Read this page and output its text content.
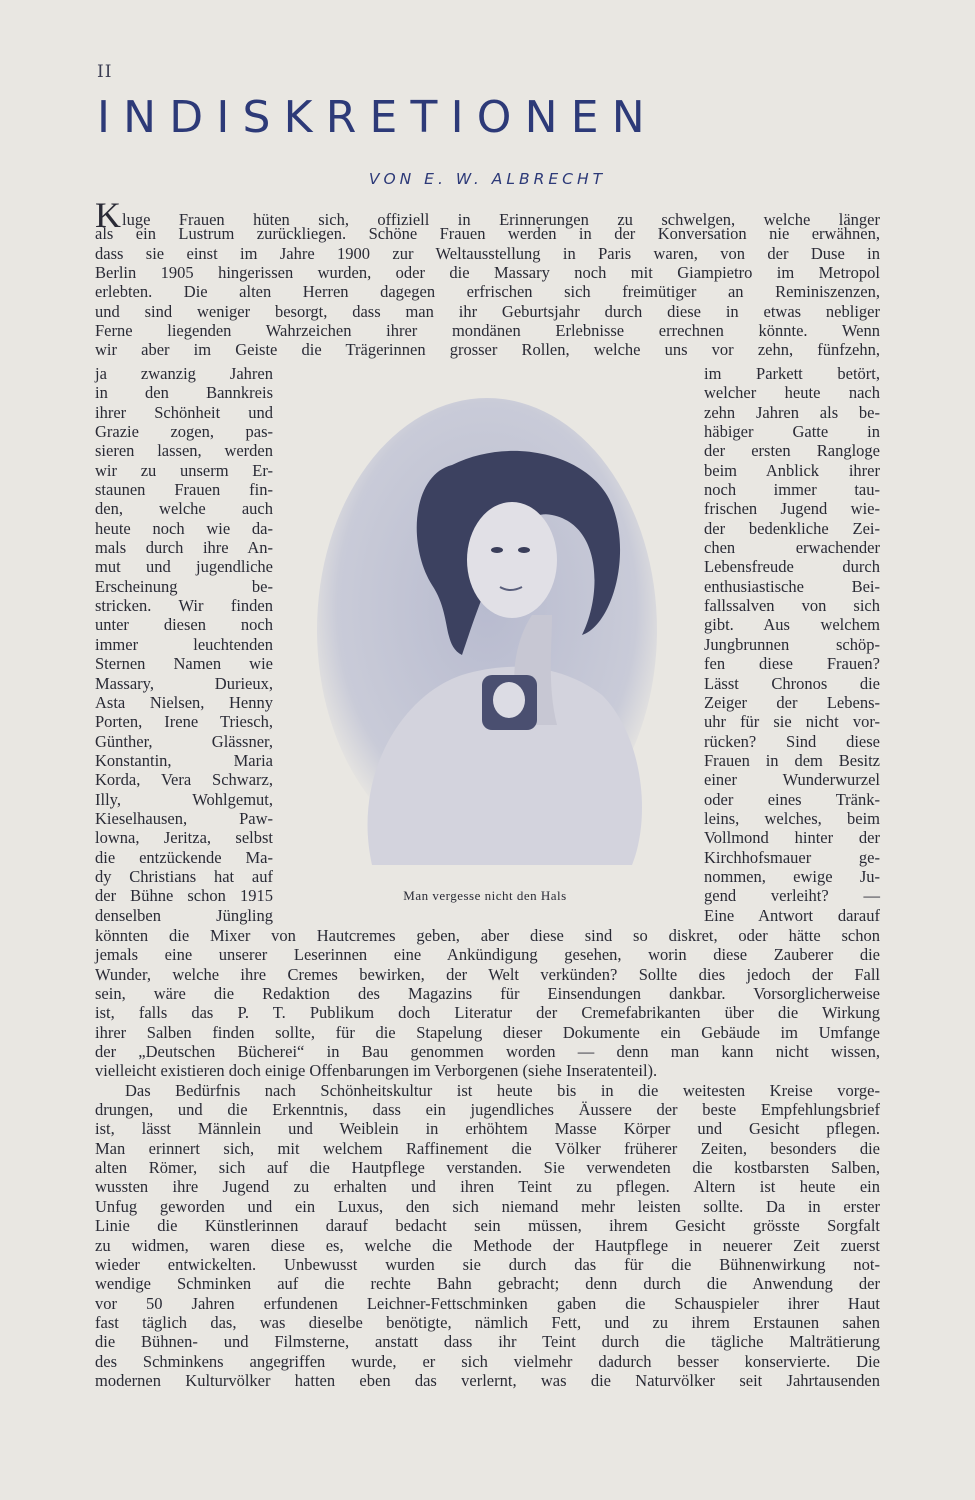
II
INDISKRETIONEN
VON E. W. ALBRECHT
Kluge Frauen hüten sich, offiziell in Erinnerungen zu schwelgen, welche länger
als ein Lustrum zurückliegen. Schöne Frauen werden in der Konversation nie erwähnen,
dass sie einst im Jahre 1900 zur Weltausstellung in Paris waren, von der Duse in
Berlin 1905 hingerissen wurden, oder die Massary noch mit Giampietro im Metropol
erlebten. Die alten Herren dagegen erfrischen sich freimütiger an Reminiszenzen,
und sind weniger besorgt, dass man ihr Geburtsjahr durch diese in etwas nebliger
Ferne liegenden Wahrzeichen ihrer mondänen Erlebnisse errechnen könnte. Wenn
wir aber im Geiste die Trägerinnen grosser Rollen, welche uns vor zehn, fünfzehn,
ja zwanzig Jahren
in den Bannkreis
ihrer Schönheit und
Grazie zogen, pas-
sieren lassen, werden
wir zu unserm Er-
staunen Frauen fin-
den, welche auch
heute noch wie da-
mals durch ihre An-
mut und jugendliche
Erscheinung be-
stricken. Wir finden
unter diesen noch
immer leuchtenden
Sternen Namen wie
Massary, Durieux,
Asta Nielsen, Henny
Porten, Irene Triesch,
Günther, Glässner,
Konstantin, Maria
Korda, Vera Schwarz,
Illy, Wohlgemut,
Kieselhausen, Paw-
lowna, Jeritza, selbst
die entzückende Ma-
dy Christians hat auf
der Bühne schon 1915
denselben Jüngling
Man vergesse nicht den Hals
im Parkett betört,
welcher heute nach
zehn Jahren als be-
häbiger Gatte in
der ersten Rangloge
beim Anblick ihrer
noch immer tau-
frischen Jugend wie-
der bedenkliche Zei-
chen erwachender
Lebensfreude durch
enthusiastische Bei-
fallssalven von sich
gibt. Aus welchem
Jungbrunnen schöp-
fen diese Frauen?
Lässt Chronos die
Zeiger der Lebens-
uhr für sie nicht vor-
rücken? Sind diese
Frauen in dem Besitz
einer Wunderwurzel
oder eines Tränk-
leins, welches, beim
Vollmond hinter der
Kirchhofsmauer ge-
nommen, ewige Ju-
gend verleiht? —
Eine Antwort darauf
könnten die Mixer von Hautcremes geben, aber diese sind so diskret, oder hätte schon
jemals eine unserer Leserinnen eine Ankündigung gesehen, worin diese Zauberer die
Wunder, welche ihre Cremes bewirken, der Welt verkünden? Sollte dies jedoch der Fall
sein, wäre die Redaktion des Magazins für Einsendungen dankbar. Vorsorglicherweise
ist, falls das P. T. Publikum doch Literatur der Cremefabrikanten über die Wirkung
ihrer Salben finden sollte, für die Stapelung dieser Dokumente ein Gebäude im Umfange
der „Deutschen Bücherei“ in Bau genommen worden — denn man kann nicht wissen,
vielleicht existieren doch einige Offenbarungen im Verborgenen (siehe Inseratenteil).
Das Bedürfnis nach Schönheitskultur ist heute bis in die weitesten Kreise vorge-
drungen, und die Erkenntnis, dass ein jugendliches Äussere der beste Empfehlungsbrief
ist, lässt Männlein und Weiblein in erhöhtem Masse Körper und Gesicht pflegen.
Man erinnert sich, mit welchem Raffinement die Völker früherer Zeiten, besonders die
alten Römer, sich auf die Hautpflege verstanden. Sie verwendeten die kostbarsten Salben,
wussten ihre Jugend zu erhalten und ihren Teint zu pflegen. Altern ist heute ein
Unfug geworden und ein Luxus, den sich niemand mehr leisten sollte. Da in erster
Linie die Künstlerinnen darauf bedacht sein müssen, ihrem Gesicht grösste Sorgfalt
zu widmen, waren diese es, welche die Methode der Hautpflege in neuerer Zeit zuerst
wieder entwickelten. Unbewusst wurden sie durch das für die Bühnenwirkung not-
wendige Schminken auf die rechte Bahn gebracht; denn durch die Anwendung der
vor 50 Jahren erfundenen Leichner-Fettschminken gaben die Schauspieler ihrer Haut
fast täglich das, was dieselbe benötigte, nämlich Fett, und zu ihrem Erstaunen sahen
die Bühnen- und Filmsterne, anstatt dass ihr Teint durch die tägliche Malträtierung
des Schminkens angegriffen wurde, er sich vielmehr dadurch besser konservierte. Die
modernen Kulturvölker hatten eben das verlernt, was die Naturvölker seit Jahrtausenden
